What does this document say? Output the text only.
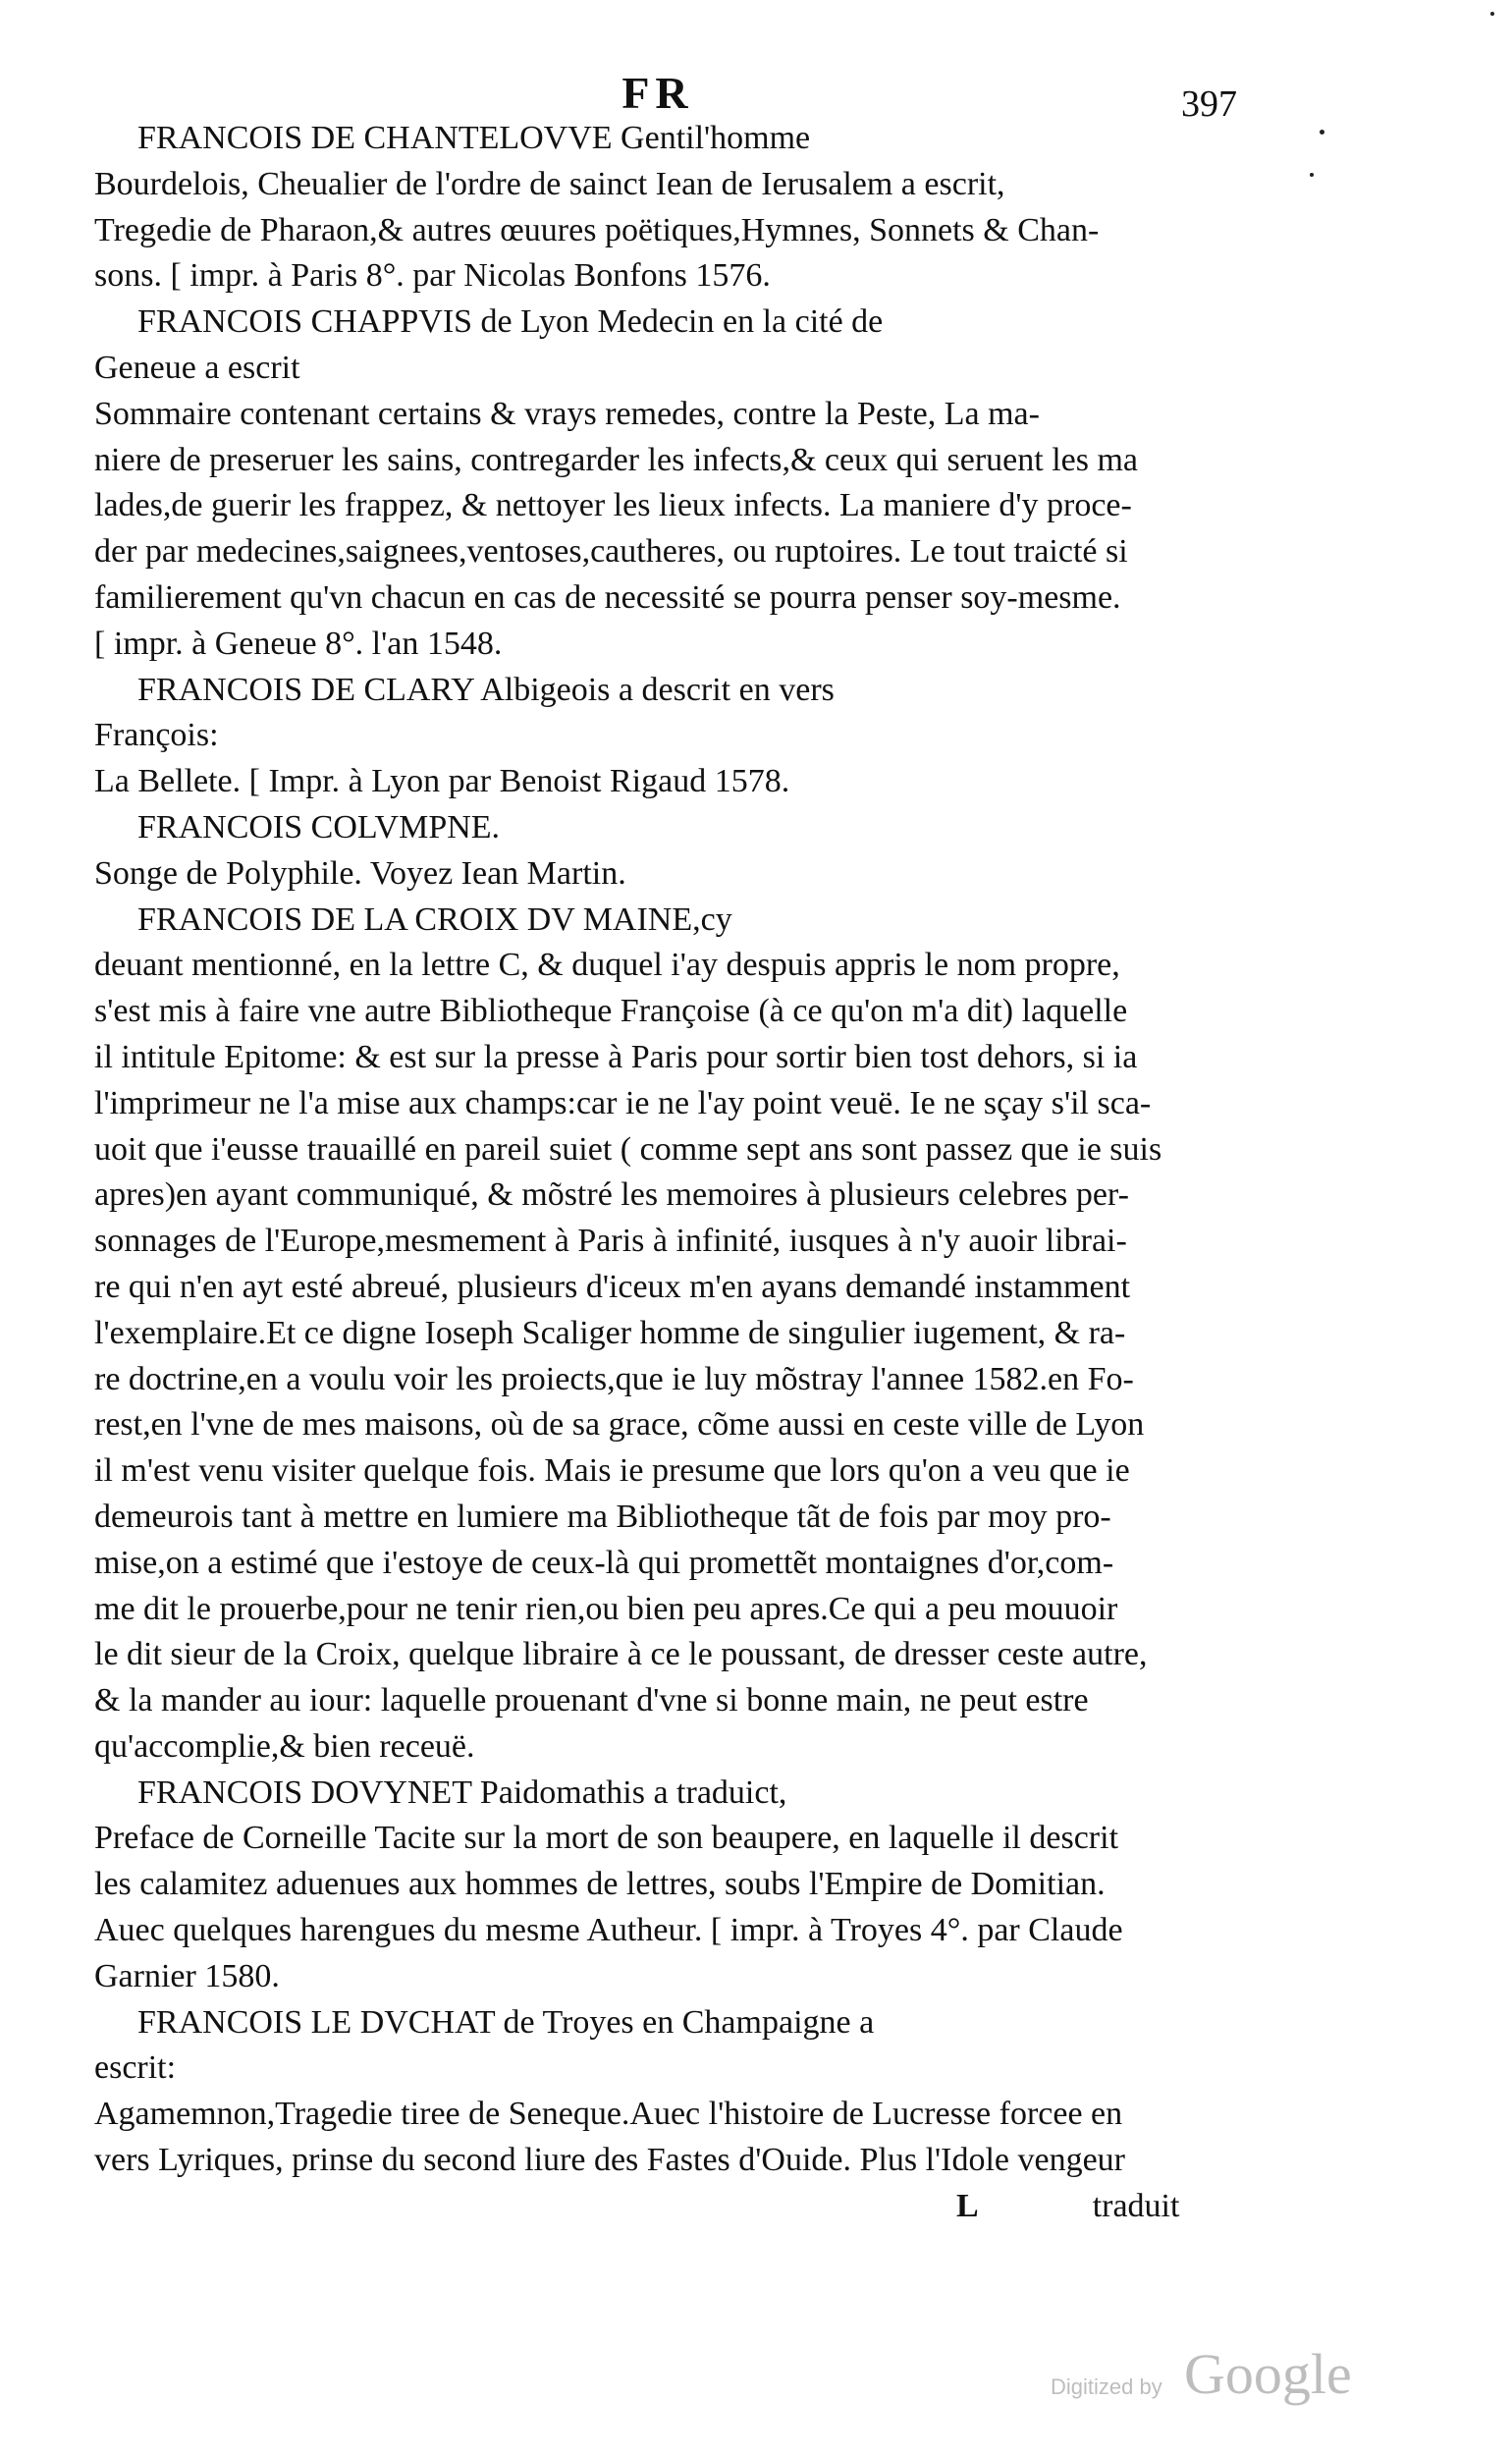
FR	397
FRANCOIS DE CHANTELOVVE Gentil'homme
Bourdelois, Cheualier de l'ordre de sainct Iean de Ierusalem a escrit,
Tregedie de Pharaon,& autres œuures poëtiques,Hymnes, Sonnets & Chan-
sons. [ impr. à Paris 8°. par Nicolas Bonfons 1576.
FRANCOIS CHAPPVIS de Lyon Medecin en la cité de
Geneue a escrit
Sommaire contenant certains & vrays remedes, contre la Peste, La ma-
niere de preseruer les sains, contregarder les infects,& ceux qui seruent les ma
lades,de guerir les frappez, & nettoyer les lieux infects. La maniere d'y proce-
der par medecines,saignees,ventoses,cautheres, ou ruptoires. Le tout traicté si
familierement qu'vn chacun en cas de necessité se pourra penser soy-mesme.
[ impr. à Geneue 8°. l'an 1548.
FRANCOIS DE CLARY Albigeois a descrit en vers
François:
La Bellete. [ Impr. à Lyon par Benoist Rigaud 1578.
FRANCOIS COLVMPNE.
Songe de Polyphile. Voyez Iean Martin.
FRANCOIS DE LA CROIX DV MAINE,cy
deuant mentionné, en la lettre C, & duquel i'ay despuis appris le nom propre,
s'est mis à faire vne autre Bibliotheque Françoise (à ce qu'on m'a dit) laquelle
il intitule Epitome: & est sur la presse à Paris pour sortir bien tost dehors, si ia
l'imprimeur ne l'a mise aux champs:car ie ne l'ay point veuë. Ie ne sçay s'il sca-
uoit que i'eusse trauaillé en pareil suiet ( comme sept ans sont passez que ie suis
apres)en ayant communiqué, & mõstré les memoires à plusieurs celebres per-
sonnages de l'Europe,mesmement à Paris à infinité, iusques à n'y auoir librai-
re qui n'en ayt esté abreué, plusieurs d'iceux m'en ayans demandé instamment
l'exemplaire.Et ce digne Ioseph Scaliger homme de singulier iugement, & ra-
re doctrine,en a voulu voir les proiects,que ie luy mõstray l'annee 1582.en Fo-
rest,en l'vne de mes maisons, où de sa grace, cõme aussi en ceste ville de Lyon
il m'est venu visiter quelque fois. Mais ie presume que lors qu'on a veu que ie
demeurois tant à mettre en lumiere ma Bibliotheque tãt de fois par moy pro-
mise,on a estimé que i'estoye de ceux-là qui promettẽt montaignes d'or,com-
me dit le prouerbe,pour ne tenir rien,ou bien peu apres.Ce qui a peu mouuoir
le dit sieur de la Croix, quelque libraire à ce le poussant, de dresser ceste autre,
& la mander au iour: laquelle prouenant d'vne si bonne main, ne peut estre
qu'accomplie,& bien receuë.
FRANCOIS DOVYNET Paidomathis a traduict,
Preface de Corneille Tacite sur la mort de son beaupere, en laquelle il descrit
les calamitez aduenues aux hommes de lettres, soubs l'Empire de Domitian.
Auec quelques harengues du mesme Autheur. [ impr. à Troyes 4°. par Claude
Garnier 1580.
FRANCOIS LE DVCHAT de Troyes en Champaigne a
escrit:
Agamemnon,Tragedie tiree de Seneque.Auec l'histoire de Lucresse forcee en
vers Lyriques, prinse du second liure des Fastes d'Ouide. Plus l'Idole vengeur
L	traduit
Digitized by Google
